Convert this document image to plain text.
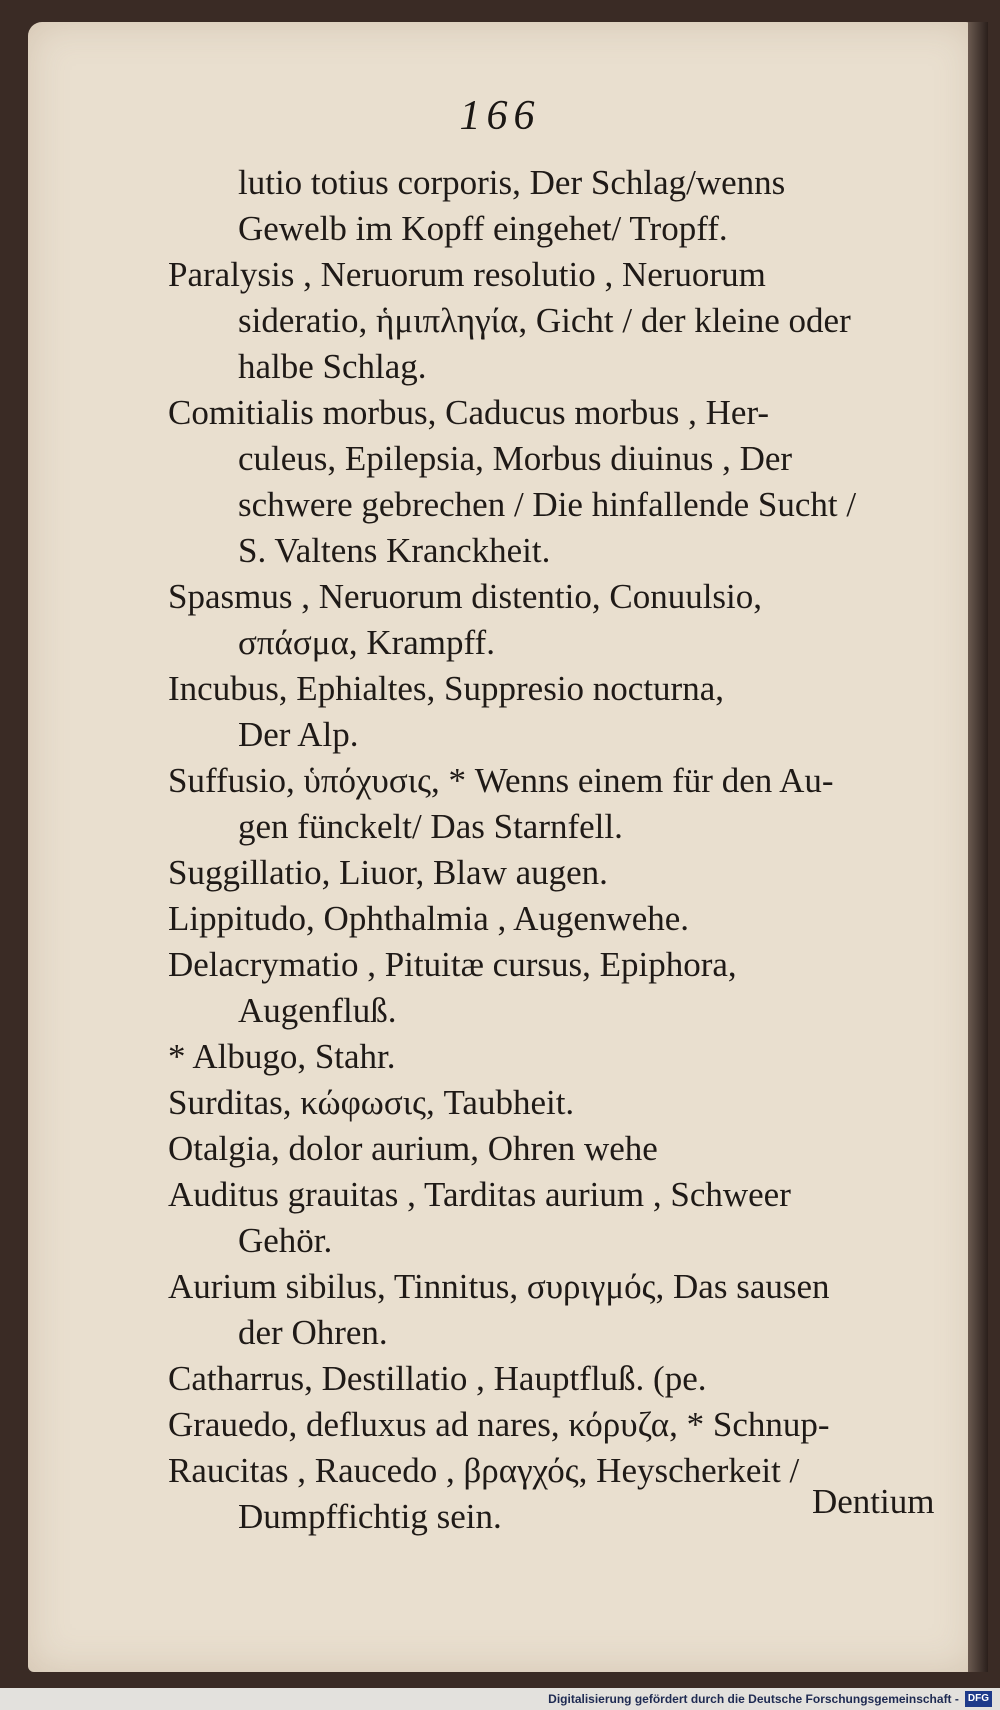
166
lutio totius corporis, Der Schlag/wenns
Gewelb im Kopff eingehet/ Tropff.
Paralysis , Neruorum resolutio , Neruorum
sideratio, ἡμιπληγία, Gicht / der kleine oder
halbe Schlag.
Comitialis morbus, Caducus morbus , Her-
culeus, Epilepsia, Morbus diuinus , Der
schwere gebrechen / Die hinfallende Sucht /
S. Valtens Kranckheit.
Spasmus , Neruorum distentio, Conuulsio,
σπάσμα, Krampff.
Incubus, Ephialtes, Suppresio nocturna,
Der Alp.
Suffusio, ὑπόχυσις, * Wenns einem für den Au-
gen fünckelt/ Das Starnfell.
Suggillatio, Liuor, Blaw augen.
Lippitudo, Ophthalmia , Augenwehe.
Delacrymatio , Pituitæ cursus, Epiphora,
Augenfluß.
* Albugo, Stahr.
Surditas, κώφωσις, Taubheit.
Otalgia, dolor aurium, Ohren wehe
Auditus grauitas , Tarditas aurium , Schweer
Gehör.
Aurium sibilus, Tinnitus, συριγμός, Das sausen
der Ohren.
Catharrus, Destillatio , Hauptfluß. (pe.
Grauedo, defluxus ad nares, κόρυζα, * Schnup-
Raucitas , Raucedo , βραγχός, Heyscherkeit /
Dumpffichtig sein.	Dentium
Digitalisierung gefördert durch die Deutsche Forschungsgemeinschaft - DFG
